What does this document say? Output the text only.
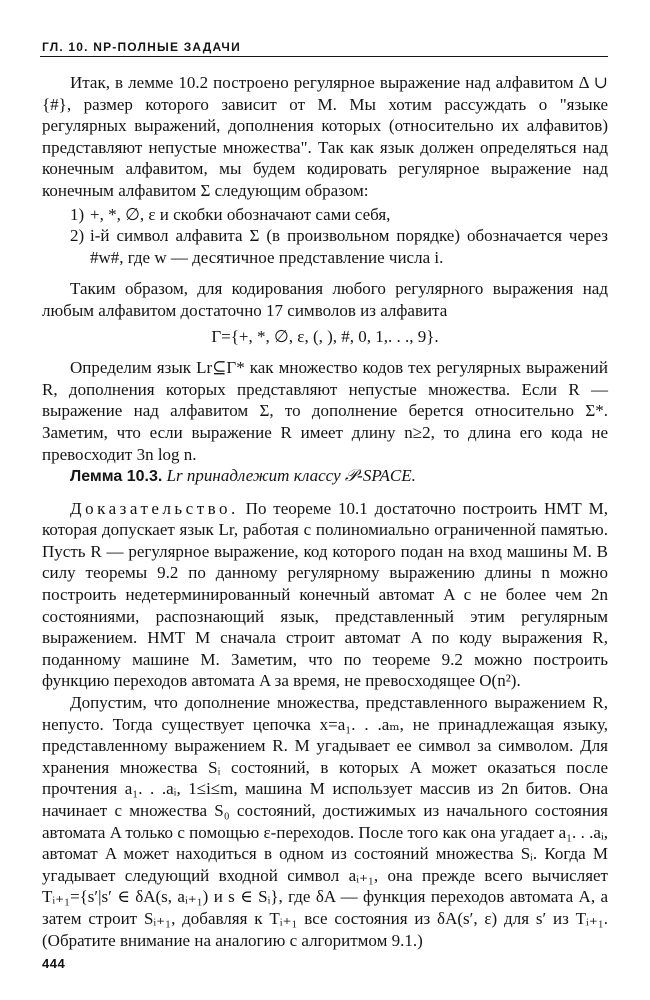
ГЛ. 10. NP-ПОЛНЫЕ ЗАДАЧИ

Итак, в лемме 10.2 построено регулярное выражение над алфавитом Δ ∪ {#}, размер которого зависит от M. Мы хотим рассуждать о "языке регулярных выражений, дополнения которых (относительно их алфавитов) представляют непустые множества". Так как язык должен определяться над конечным алфавитом, мы будем кодировать регулярное выражение над конечным алфавитом Σ следующим образом:

1) +, *, ∅, ε и скобки обозначают сами себя,
2) i-й символ алфавита Σ (в произвольном порядке) обозначается через #w#, где w — десятичное представление числа i.

Таким образом, для кодирования любого регулярного выражения над любым алфавитом достаточно 17 символов из алфавита

Γ={+, *, ∅, ε, (, ), #, 0, 1,. . ., 9}.

Определим язык Lr⊆Γ* как множество кодов тех регулярных выражений R, дополнения которых представляют непустые множества. Если R — выражение над алфавитом Σ, то дополнение берется относительно Σ*. Заметим, что если выражение R имеет длину n≥2, то длина его кода не превосходит 3n log n.

Лемма 10.3. Lr принадлежит классу 𝒫-SPACE.

Доказательство. По теореме 10.1 достаточно построить НМТ M, которая допускает язык Lr, работая с полиномиально ограниченной памятью. Пусть R — регулярное выражение, код которого подан на вход машины M. В силу теоремы 9.2 по данному регулярному выражению длины n можно построить недетерминированный конечный автомат A с не более чем 2n состояниями, распознающий язык, представленный этим регулярным выражением. НМТ M сначала строит автомат A по коду выражения R, поданному машине M. Заметим, что по теореме 9.2 можно построить функцию переходов автомата A за время, не превосходящее O(n²).

Допустим, что дополнение множества, представленного выражением R, непусто. Тогда существует цепочка x=a₁. . .aₘ, не принадлежащая языку, представленному выражением R. M угадывает ее символ за символом. Для хранения множества Sᵢ состояний, в которых A может оказаться после прочтения a₁. . .aᵢ, 1≤i≤m, машина M использует массив из 2n битов. Она начинает с множества S₀ состояний, достижимых из начального состояния автомата A только с помощью ε-переходов. После того как она угадает a₁. . .aᵢ, автомат A может находиться в одном из состояний множества Sᵢ. Когда M угадывает следующий входной символ aᵢ₊₁, она прежде всего вычисляет Tᵢ₊₁={s′|s′ ∈ δA(s, aᵢ₊₁) и s ∈ Sᵢ}, где δA — функция переходов автомата A, а затем строит Sᵢ₊₁, добавляя к Tᵢ₊₁ все состояния из δA(s′, ε) для s′ из Tᵢ₊₁. (Обратите внимание на аналогию с алгоритмом 9.1.)

444
